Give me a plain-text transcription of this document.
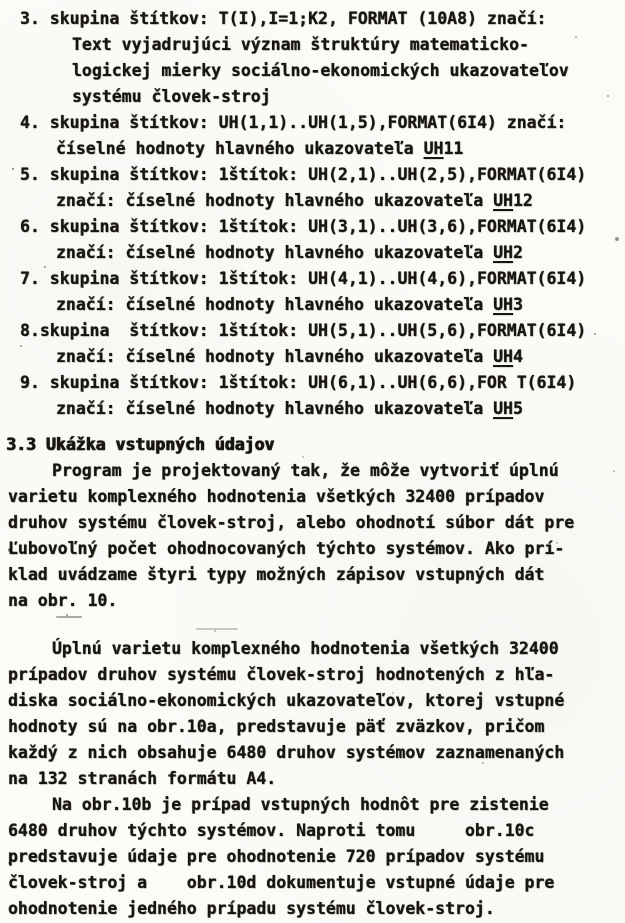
3. skupina štítkov: T(I),I=1;K2, FORMAT (10A8) značí:
Text vyjadrujúci význam štruktúry matematicko-
logickej mierky sociálno-ekonomických ukazovateľov
systému človek-stroj
4. skupina štítkov: UH(1,1)..UH(1,5),FORMAT(6I4) značí:
číselné hodnoty hlavného ukazovateľa UH11
5. skupina štítkov: 1štítok: UH(2,1)..UH(2,5),FORMAT(6I4)
značí: číselné hodnoty hlavného ukazovateľa UH12
6. skupina štítkov: 1štítok: UH(3,1)..UH(3,6),FORMAT(6I4)
značí: číselné hodnoty hlavného ukazovateľa UH2
7. skupina štítkov: 1štítok: UH(4,1)..UH(4,6),FORMAT(6I4)
značí: číselné hodnoty hlavného ukazovateľa UH3
8.skupina  štítkov: 1štítok: UH(5,1)..UH(5,6),FORMAT(6I4)
značí: číselné hodnoty hlavného ukazovateľa UH4
9. skupina štítkov: 1štítok: UH(6,1)..UH(6,6),FOR T(6I4)
značí: číselné hodnoty hlavného ukazovateľa UH5
3.3 Ukážka vstupných údajov
Program je projektovaný tak, že môže vytvoriť úplnú
varietu komplexného hodnotenia všetkých 32400 prípadov
druhov systému človek-stroj, alebo ohodnotí súbor dát pre
Ľubovoľný počet ohodnocovaných týchto systémov. Ako prí-
klad uvádzame štyri typy možných zápisov vstupných dát
na obr. 10.
Úplnú varietu komplexného hodnotenia všetkých 32400
prípadov druhov systému človek-stroj hodnotených z hľa-
diska sociálno-ekonomických ukazovateľov, ktorej vstupné
hodnoty sú na obr.10a, predstavuje päť zväzkov, pričom
každý z nich obsahuje 6480 druhov systémov zaznamenaných
na 132 stranách formátu A4.
Na obr.10b je prípad vstupných hodnôt pre zistenie
6480 druhov týchto systémov. Naproti tomu     obr.10c
predstavuje údaje pre ohodnotenie 720 prípadov systému
človek-stroj a    obr.10d dokumentuje vstupné údaje pre
ohodnotenie jedného prípadu systému človek-stroj.
